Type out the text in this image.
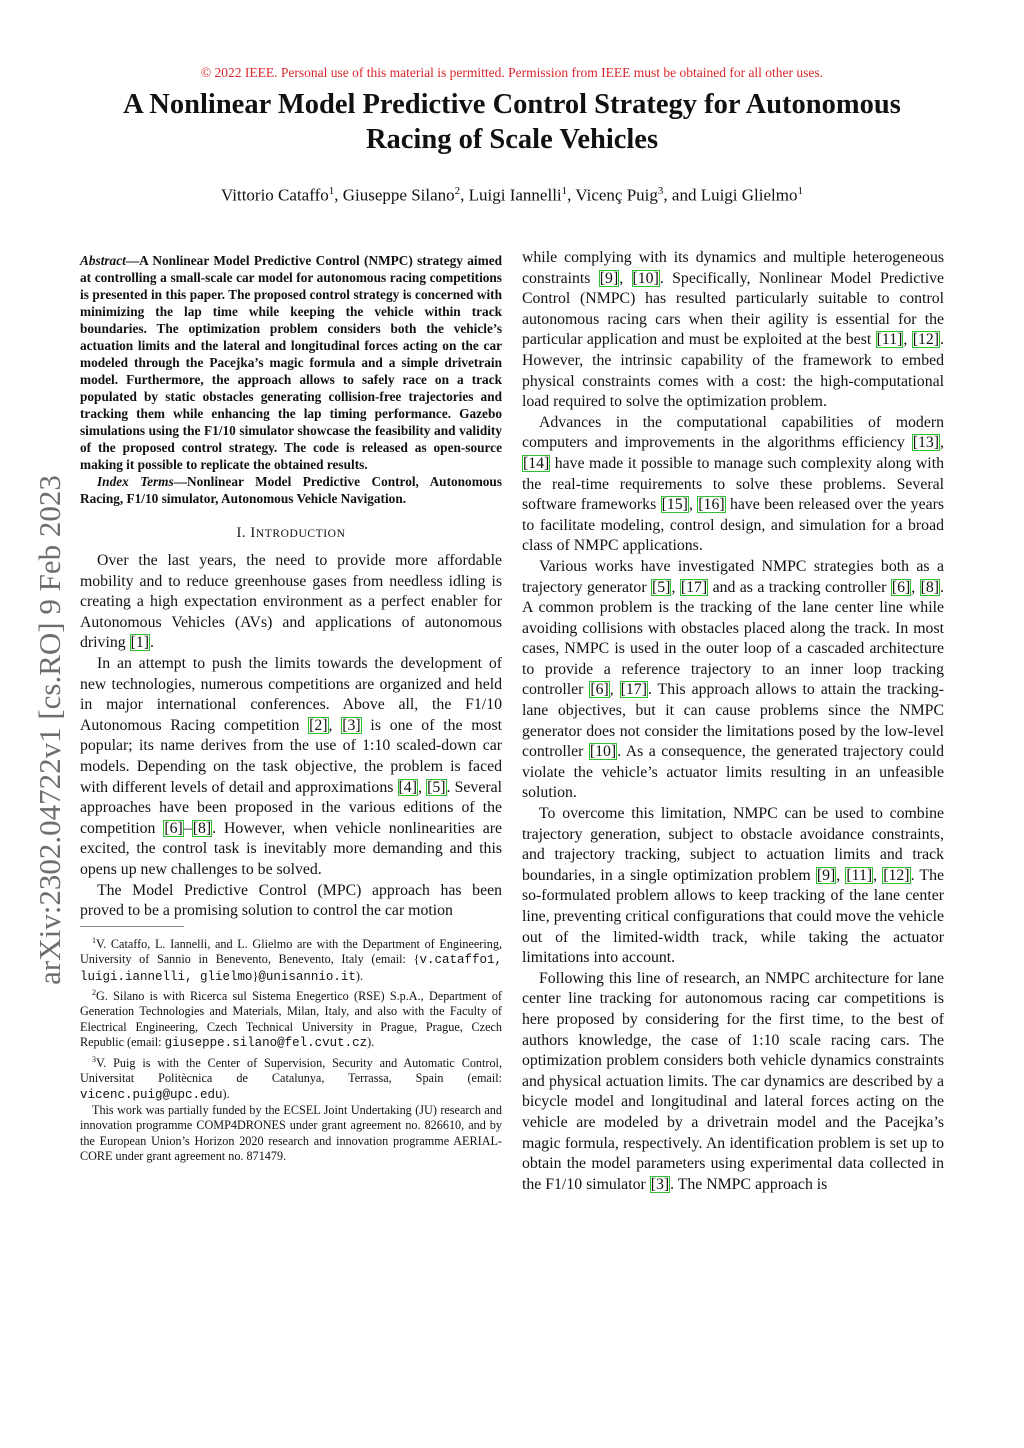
© 2022 IEEE. Personal use of this material is permitted. Permission from IEEE must be obtained for all other uses.
A Nonlinear Model Predictive Control Strategy for Autonomous Racing of Scale Vehicles
Vittorio Cataffo$^1$, Giuseppe Silano$^2$, Luigi Iannelli$^1$, Vicenç Puig$^3$, and Luigi Glielmo$^1$
arXiv:2302.04722v1 [cs.RO] 9 Feb 2023

Abstract—A Nonlinear Model Predictive Control (NMPC) strategy aimed at controlling a small-scale car model for autonomous racing competitions is presented in this paper. The proposed control strategy is concerned with minimizing the lap time while keeping the vehicle within track boundaries. The optimization problem considers both the vehicle’s actuation limits and the lateral and longitudinal forces acting on the car modeled through the Pacejka’s magic formula and a simple drivetrain model. Furthermore, the approach allows to safely race on a track populated by static obstacles generating collision-free trajectories and tracking them while enhancing the lap timing performance. Gazebo simulations using the F1/10 simulator showcase the feasibility and validity of the proposed control strategy. The code is released as open-source making it possible to replicate the obtained results.

Index Terms—Nonlinear Model Predictive Control, Autonomous Racing, F1/10 simulator, Autonomous Vehicle Navigation.

I. INTRODUCTION

Over the last years, the need to provide more affordable mobility and to reduce greenhouse gases from needless idling is creating a high expectation environment as a perfect enabler for Autonomous Vehicles (AVs) and applications of autonomous driving [1].

In an attempt to push the limits towards the development of new technologies, numerous competitions are organized and held in major international conferences. Above all, the F1/10 Autonomous Racing competition [2], [3] is one of the most popular; its name derives from the use of 1:10 scaled-down car models. Depending on the task objective, the problem is faced with different levels of detail and approximations [4], [5]. Several approaches have been proposed in the various editions of the competition [6]–[8]. However, when vehicle nonlinearities are excited, the control task is inevitably more demanding and this opens up new challenges to be solved.

The Model Predictive Control (MPC) approach has been proved to be a promising solution to control the car motion

$^1$V. Cataffo, L. Iannelli, and L. Glielmo are with the Department of Engineering, University of Sannio in Benevento, Benevento, Italy (email: {v.cataffo1, luigi.iannelli, glielmo}@unisannio.it).

$^2$G. Silano is with Ricerca sul Sistema Enegertico (RSE) S.p.A., Department of Generation Technologies and Materials, Milan, Italy, and also with the Faculty of Electrical Engineering, Czech Technical University in Prague, Prague, Czech Republic (email: giuseppe.silano@fel.cvut.cz).

$^3$V. Puig is with the Center of Supervision, Security and Automatic Control, Universitat Politècnica de Catalunya, Terrassa, Spain (email: vicenc.puig@upc.edu).

This work was partially funded by the ECSEL Joint Undertaking (JU) research and innovation programme COMP4DRONES under grant agreement no. 826610, and by the European Union’s Horizon 2020 research and innovation programme AERIAL-CORE under grant agreement no. 871479.

while complying with its dynamics and multiple heterogeneous constraints [9], [10]. Specifically, Nonlinear Model Predictive Control (NMPC) has resulted particularly suitable to control autonomous racing cars when their agility is essential for the particular application and must be exploited at the best [11], [12]. However, the intrinsic capability of the framework to embed physical constraints comes with a cost: the high-computational load required to solve the optimization problem.

Advances in the computational capabilities of modern computers and improvements in the algorithms efficiency [13], [14] have made it possible to manage such complexity along with the real-time requirements to solve these problems. Several software frameworks [15], [16] have been released over the years to facilitate modeling, control design, and simulation for a broad class of NMPC applications.

Various works have investigated NMPC strategies both as a trajectory generator [5], [17] and as a tracking controller [6], [8]. A common problem is the tracking of the lane center line while avoiding collisions with obstacles placed along the track. In most cases, NMPC is used in the outer loop of a cascaded architecture to provide a reference trajectory to an inner loop tracking controller [6], [17]. This approach allows to attain the tracking-lane objectives, but it can cause problems since the NMPC generator does not consider the limitations posed by the low-level controller [10]. As a consequence, the generated trajectory could violate the vehicle’s actuator limits resulting in an unfeasible solution.

To overcome this limitation, NMPC can be used to combine trajectory generation, subject to obstacle avoidance constraints, and trajectory tracking, subject to actuation limits and track boundaries, in a single optimization problem [9], [11], [12]. The so-formulated problem allows to keep tracking of the lane center line, preventing critical configurations that could move the vehicle out of the limited-width track, while taking the actuator limitations into account.

Following this line of research, an NMPC architecture for lane center line tracking for autonomous racing car competitions is here proposed by considering for the first time, to the best of authors knowledge, the case of 1:10 scale racing cars. The optimization problem considers both vehicle dynamics constraints and physical actuation limits. The car dynamics are described by a bicycle model and longitudinal and lateral forces acting on the vehicle are modeled by a drivetrain model and the Pacejka’s magic formula, respectively. An identification problem is set up to obtain the model parameters using experimental data collected in the F1/10 simulator [3]. The NMPC approach is
